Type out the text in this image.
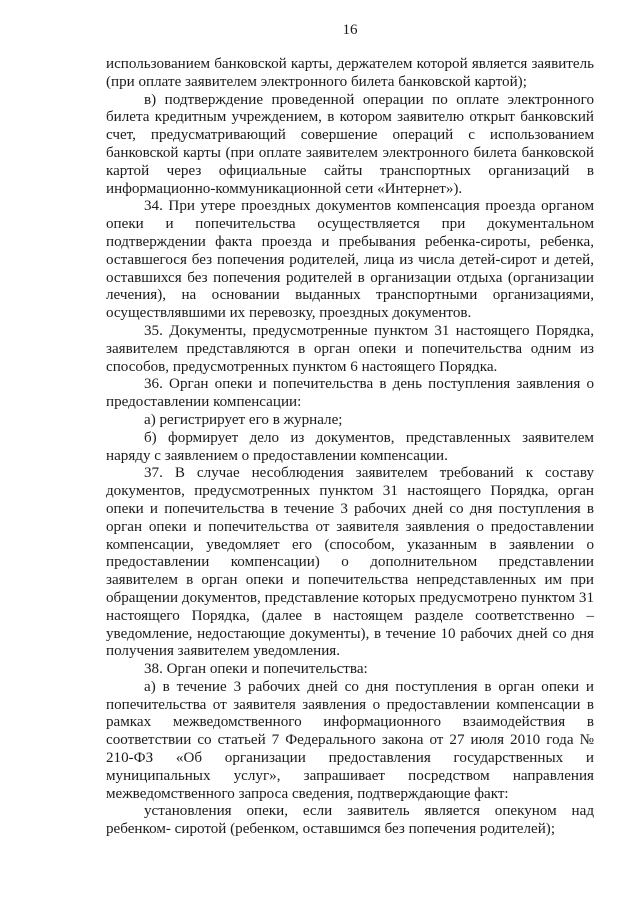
16

использованием банковской карты, держателем которой является заявитель (при оплате заявителем электронного билета банковской картой);

в) подтверждение проведенной операции по оплате электронного билета кредитным учреждением, в котором заявителю открыт банковский счет, предусматривающий совершение операций с использованием банковской карты (при оплате заявителем электронного билета банковской картой через официальные сайты транспортных организаций в информационно-коммуникационной сети «Интернет»).

34. При утере проездных документов компенсация проезда органом опеки и попечительства осуществляется при документальном подтверждении факта проезда и пребывания ребенка-сироты, ребенка, оставшегося без попечения родителей, лица из числа детей-сирот и детей, оставшихся без попечения родителей в организации отдыха (организации лечения), на основании выданных транспортными организациями, осуществлявшими их перевозку, проездных документов.

35. Документы, предусмотренные пунктом 31 настоящего Порядка, заявителем представляются в орган опеки и попечительства одним из способов, предусмотренных пунктом 6 настоящего Порядка.

36. Орган опеки и попечительства в день поступления заявления о предоставлении компенсации:

а) регистрирует его в журнале;

б) формирует дело из документов, представленных заявителем наряду с заявлением о предоставлении компенсации.

37. В случае несоблюдения заявителем требований к составу документов, предусмотренных пунктом 31 настоящего Порядка, орган опеки и попечительства в течение 3 рабочих дней со дня поступления в орган опеки и попечительства от заявителя заявления о предоставлении компенсации, уведомляет его (способом, указанным в заявлении о предоставлении компенсации) о дополнительном представлении заявителем в орган опеки и попечительства непредставленных им при обращении документов, представление которых предусмотрено пунктом 31 настоящего Порядка, (далее в настоящем разделе соответственно – уведомление, недостающие документы), в течение 10 рабочих дней со дня получения заявителем уведомления.

38. Орган опеки и попечительства:

а) в течение 3 рабочих дней со дня поступления в орган опеки и попечительства от заявителя заявления о предоставлении компенсации в рамках межведомственного информационного взаимодействия в соответствии со статьей 7 Федерального закона от 27 июля 2010 года № 210-ФЗ «Об организации предоставления государственных и муниципальных услуг», запрашивает посредством направления межведомственного запроса сведения, подтверждающие факт:

установления опеки, если заявитель является опекуном над ребенком- сиротой (ребенком, оставшимся без попечения родителей);
